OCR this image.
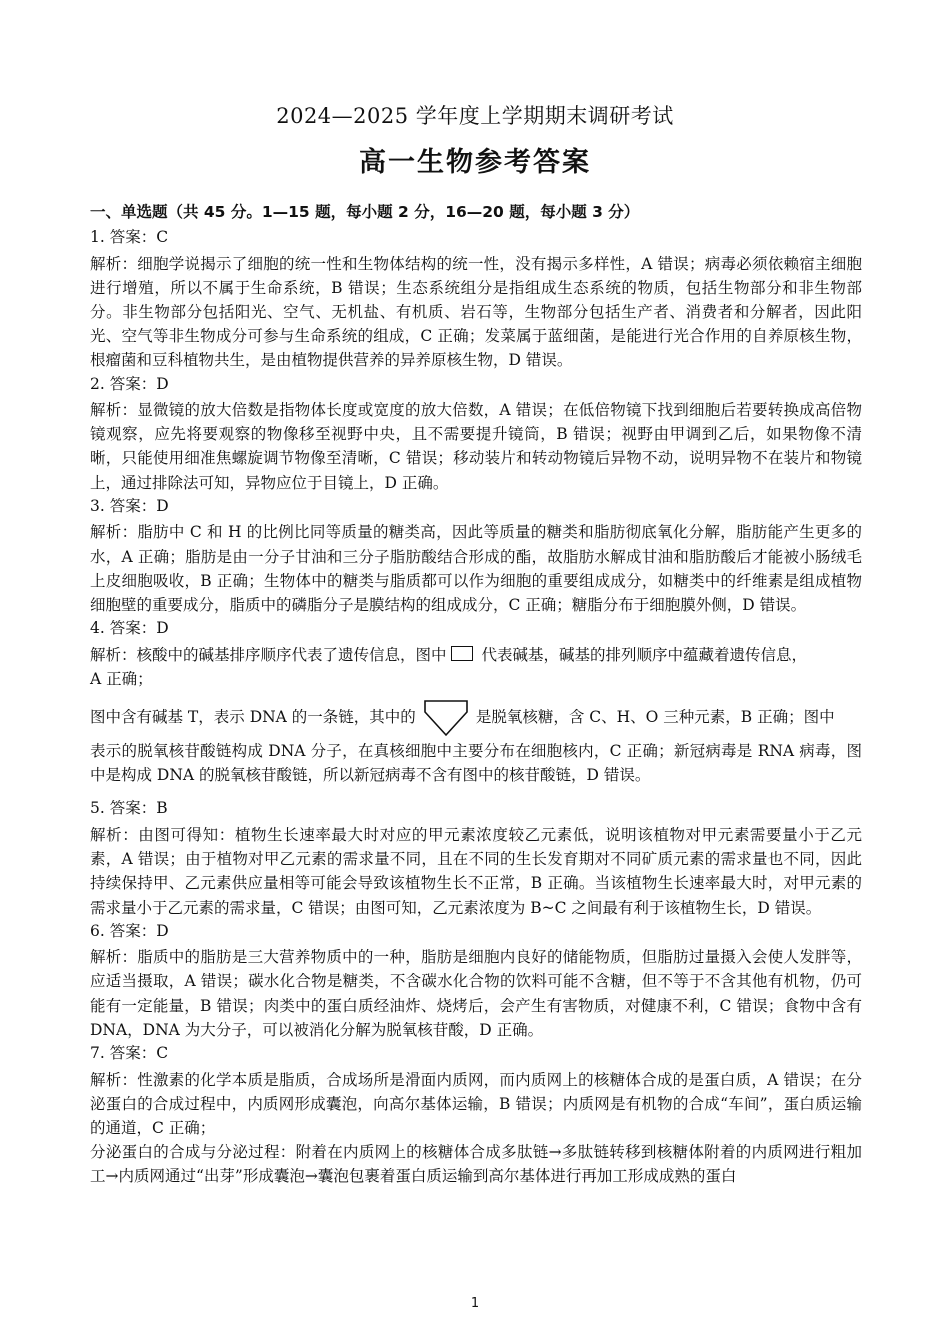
2024—2025 学年度上学期期末调研考试
高一生物参考答案
一、单选题（共 45 分。1—15 题，每小题 2 分，16—20 题，每小题 3 分）

1. 答案：C

解析：细胞学说揭示了细胞的统一性和生物体结构的统一性，没有揭示多样性，A 错误；病毒必须依赖宿主细胞进行增殖，所以不属于生命系统，B 错误；生态系统组分是指组成生态系统的物质，包括生物部分和非生物部分。非生物部分包括阳光、空气、无机盐、有机质、岩石等，生物部分包括生产者、消费者和分解者，因此阳光、空气等非生物成分可参与生命系统的组成，C 正确；发菜属于蓝细菌，是能进行光合作用的自养原核生物，根瘤菌和豆科植物共生，是由植物提供营养的异养原核生物，D 错误。

2. 答案：D

解析：显微镜的放大倍数是指物体长度或宽度的放大倍数，A 错误；在低倍物镜下找到细胞后若要转换成高倍物镜观察，应先将要观察的物像移至视野中央，且不需要提升镜筒，B 错误；视野由甲调到乙后，如果物像不清晰，只能使用细准焦螺旋调节物像至清晰，C 错误；移动装片和转动物镜后异物不动，说明异物不在装片和物镜上，通过排除法可知，异物应位于目镜上，D 正确。

3. 答案：D

解析：脂肪中 C 和 H 的比例比同等质量的糖类高，因此等质量的糖类和脂肪彻底氧化分解，脂肪能产生更多的水，A 正确；脂肪是由一分子甘油和三分子脂肪酸结合形成的酯，故脂肪水解成甘油和脂肪酸后才能被小肠绒毛上皮细胞吸收，B 正确；生物体中的糖类与脂质都可以作为细胞的重要组成成分，如糖类中的纤维素是组成植物细胞壁的重要成分，脂质中的磷脂分子是膜结构的组成成分，C 正确；糖脂分布于细胞膜外侧，D 错误。

4. 答案：D

解析：核酸中的碱基排序顺序代表了遗传信息，图中 代表碱基，碱基的排列顺序中蕴藏着遗传信息，

A 正确；

图中含有碱基 T，表示 DNA 的一条链，其中的	是脱氧核糖，含 C、H、O 三种元素，B 正确；图中

表示的脱氧核苷酸链构成 DNA 分子，在真核细胞中主要分布在细胞核内，C 正确；新冠病毒是 RNA 病毒，图中是构成 DNA 的脱氧核苷酸链，所以新冠病毒不含有图中的核苷酸链，D 错误。

5. 答案：B

解析：由图可得知：植物生长速率最大时对应的甲元素浓度较乙元素低，说明该植物对甲元素需要量小于乙元素，A 错误；由于植物对甲乙元素的需求量不同，且在不同的生长发育期对不同矿质元素的需求量也不同，因此持续保持甲、乙元素供应量相等可能会导致该植物生长不正常，B 正确。当该植物生长速率最大时，对甲元素的需求量小于乙元素的需求量，C 错误；由图可知，乙元素浓度为 B~C 之间最有利于该植物生长，D 错误。

6. 答案：D

解析：脂质中的脂肪是三大营养物质中的一种，脂肪是细胞内良好的储能物质，但脂肪过量摄入会使人发胖等，应适当摄取，A 错误；碳水化合物是糖类，不含碳水化合物的饮料可能不含糖，但不等于不含其他有机物，仍可能有一定能量，B 错误；肉类中的蛋白质经油炸、烧烤后，会产生有害物质，对健康不利，C 错误；食物中含有 DNA，DNA 为大分子，可以被消化分解为脱氧核苷酸，D 正确。

7. 答案：C

解析：性激素的化学本质是脂质，合成场所是滑面内质网，而内质网上的核糖体合成的是蛋白质，A 错误；在分泌蛋白的合成过程中，内质网形成囊泡，向高尔基体运输，B 错误；内质网是有机物的合成“车间”，蛋白质运输的通道，C 正确；

分泌蛋白的合成与分泌过程：附着在内质网上的核糖体合成多肽链→多肽链转移到核糖体附着的内质网进行粗加工→内质网通过“出芽”形成囊泡→囊泡包裹着蛋白质运输到高尔基体进行再加工形成成熟的蛋白

1
